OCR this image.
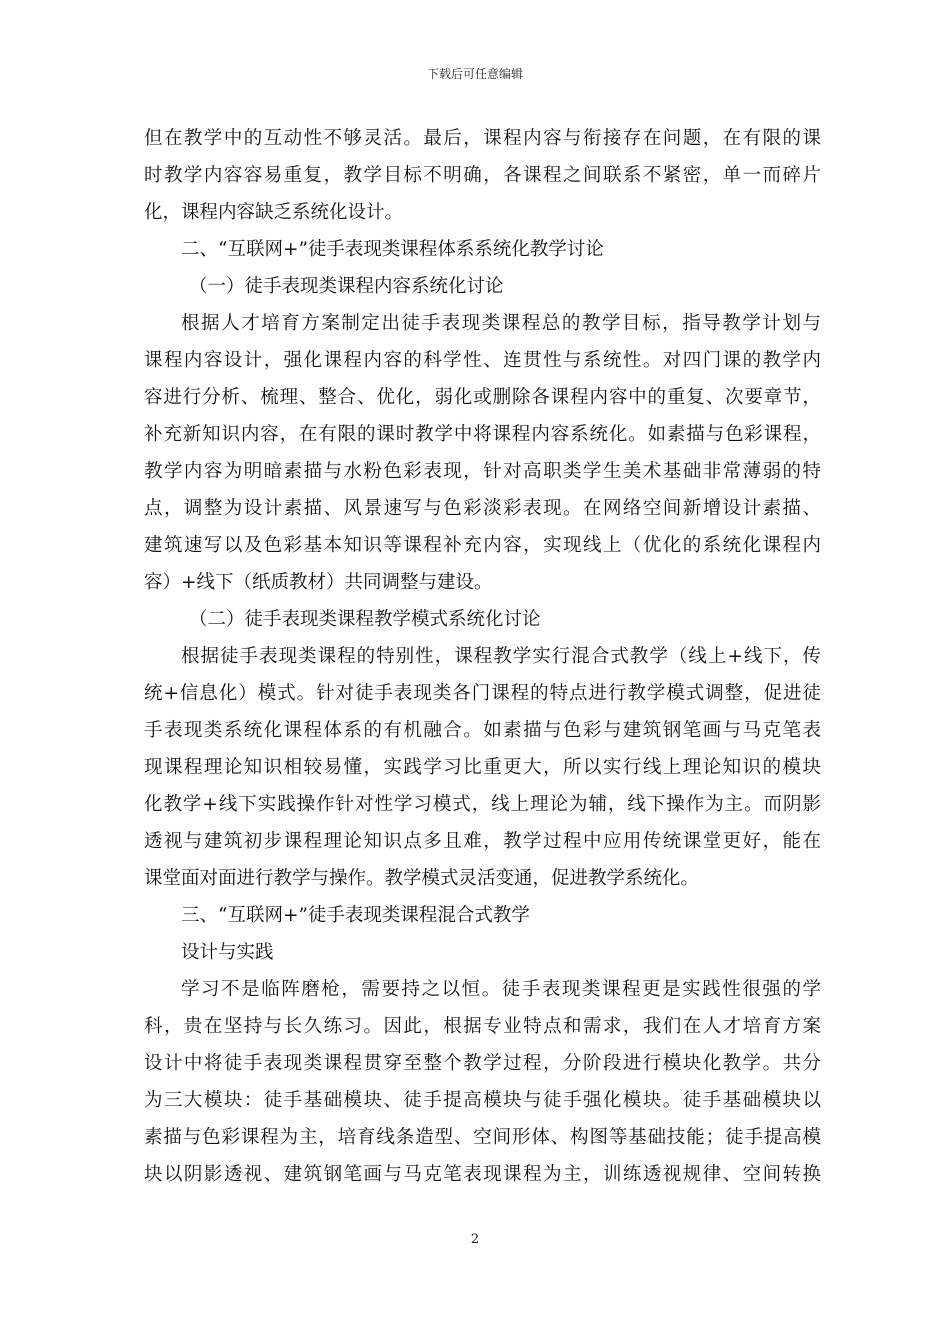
下载后可任意编辑
但在教学中的互动性不够灵活。最后，课程内容与衔接存在问题，在有限的课
时教学内容容易重复，教学目标不明确，各课程之间联系不紧密，单一而碎片
化，课程内容缺乏系统化设计。
二、“互联网+”徒手表现类课程体系系统化教学讨论
（一）徒手表现类课程内容系统化讨论
根据人才培育方案制定出徒手表现类课程总的教学目标，指导教学计划与
课程内容设计，强化课程内容的科学性、连贯性与系统性。对四门课的教学内
容进行分析、梳理、整合、优化，弱化或删除各课程内容中的重复、次要章节，
补充新知识内容，在有限的课时教学中将课程内容系统化。如素描与色彩课程，
教学内容为明暗素描与水粉色彩表现，针对高职类学生美术基础非常薄弱的特
点，调整为设计素描、风景速写与色彩淡彩表现。在网络空间新增设计素描、
建筑速写以及色彩基本知识等课程补充内容，实现线上（优化的系统化课程内
容）+线下（纸质教材）共同调整与建设。
（二）徒手表现类课程教学模式系统化讨论
根据徒手表现类课程的特别性，课程教学实行混合式教学（线上+线下，传
统+信息化）模式。针对徒手表现类各门课程的特点进行教学模式调整，促进徒
手表现类系统化课程体系的有机融合。如素描与色彩与建筑钢笔画与马克笔表
现课程理论知识相较易懂，实践学习比重更大，所以实行线上理论知识的模块
化教学+线下实践操作针对性学习模式，线上理论为辅，线下操作为主。而阴影
透视与建筑初步课程理论知识点多且难，教学过程中应用传统课堂更好，能在
课堂面对面进行教学与操作。教学模式灵活变通，促进教学系统化。
三、“互联网+”徒手表现类课程混合式教学
设计与实践
学习不是临阵磨枪，需要持之以恒。徒手表现类课程更是实践性很强的学
科，贵在坚持与长久练习。因此，根据专业特点和需求，我们在人才培育方案
设计中将徒手表现类课程贯穿至整个教学过程，分阶段进行模块化教学。共分
为三大模块：徒手基础模块、徒手提高模块与徒手强化模块。徒手基础模块以
素描与色彩课程为主，培育线条造型、空间形体、构图等基础技能；徒手提高模
块以阴影透视、建筑钢笔画与马克笔表现课程为主，训练透视规律、空间转换
2
